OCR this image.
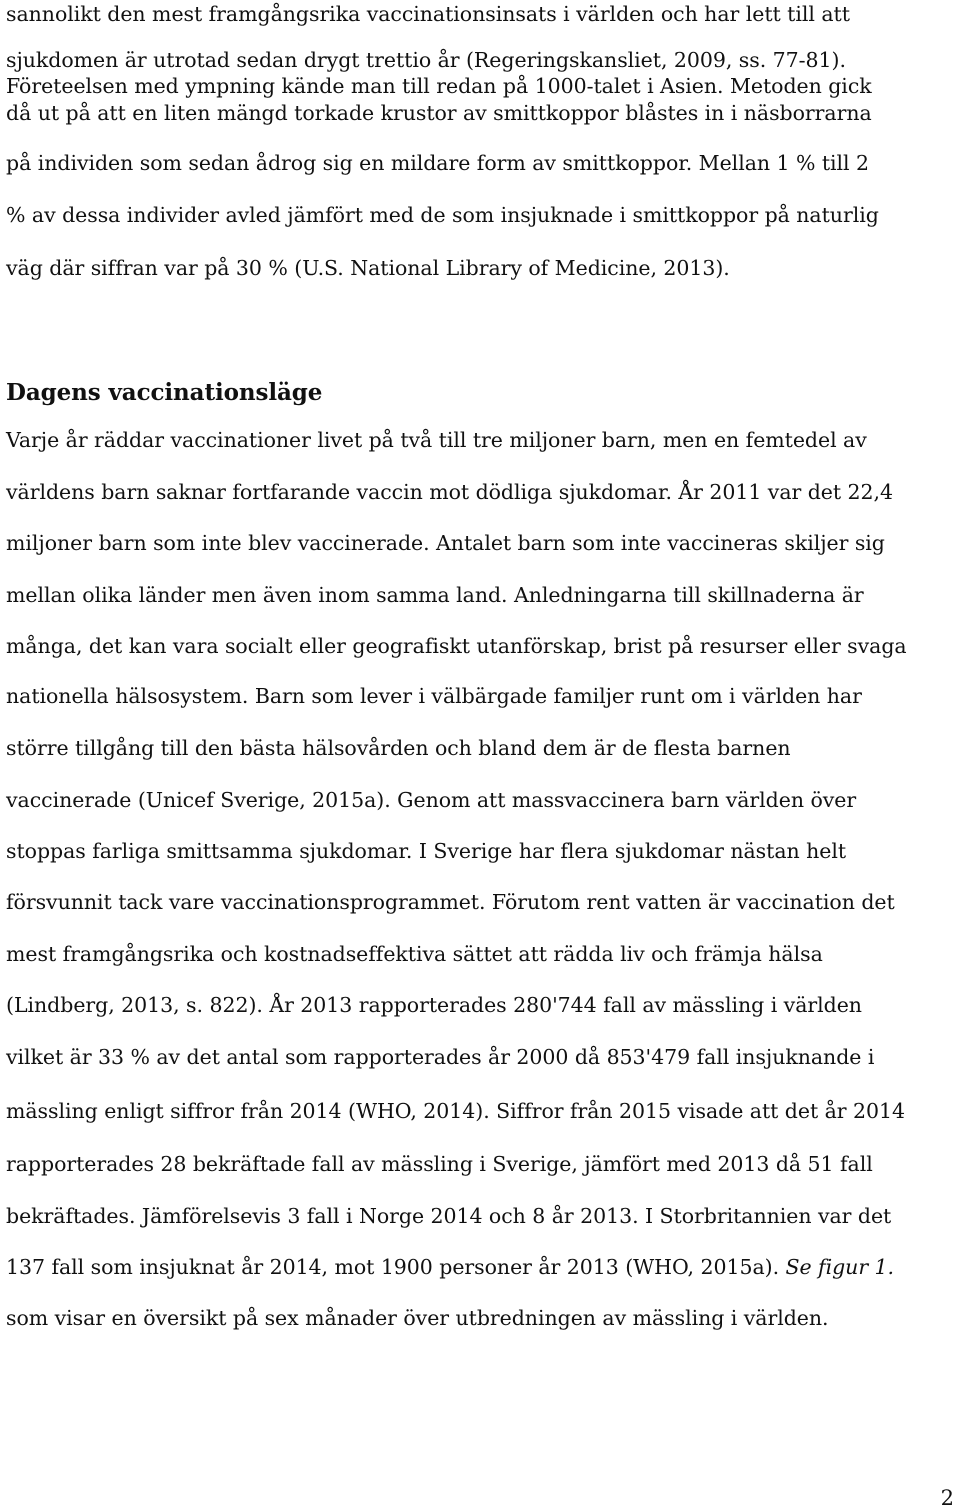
sannolikt den mest framgångsrika vaccinationsinsats i världen och har lett till att
sjukdomen är utrotad sedan drygt trettio år (Regeringskansliet, 2009, ss. 77-81).
Företeelsen med ympning kände man till redan på 1000-talet i Asien. Metoden gick
då ut på att en liten mängd torkade krustor av smittkoppor blåstes in i näsborrarna
på individen som sedan ådrog sig en mildare form av smittkoppor. Mellan 1 % till 2
% av dessa individer avled jämfört med de som insjuknade i smittkoppor på naturlig
väg där siffran var på 30 % (U.S. National Library of Medicine, 2013).
Dagens vaccinationsläge
Varje år räddar vaccinationer livet på två till tre miljoner barn, men en femtedel av
världens barn saknar fortfarande vaccin mot dödliga sjukdomar. År 2011 var det 22,4
miljoner barn som inte blev vaccinerade. Antalet barn som inte vaccineras skiljer sig
mellan olika länder men även inom samma land. Anledningarna till skillnaderna är
många, det kan vara socialt eller geografiskt utanförskap, brist på resurser eller svaga
nationella hälsosystem. Barn som lever i välbärgade familjer runt om i världen har
större tillgång till den bästa hälsovården och bland dem är de flesta barnen
vaccinerade (Unicef Sverige, 2015a). Genom att massvaccinera barn världen över
stoppas farliga smittsamma sjukdomar. I Sverige har flera sjukdomar nästan helt
försvunnit tack vare vaccinationsprogrammet. Förutom rent vatten är vaccination det
mest framgångsrika och kostnadseffektiva sättet att rädda liv och främja hälsa
(Lindberg, 2013, s. 822). År 2013 rapporterades 280'744 fall av mässling i världen
vilket är 33 % av det antal som rapporterades år 2000 då 853'479 fall insjuknande i
mässling enligt siffror från 2014 (WHO, 2014). Siffror från 2015 visade att det år 2014
rapporterades 28 bekräftade fall av mässling i Sverige, jämfört med 2013 då 51 fall
bekräftades. Jämförelsevis 3 fall i Norge 2014 och 8 år 2013. I Storbritannien var det
137 fall som insjuknat år 2014, mot 1900 personer år 2013 (WHO, 2015a). Se figur 1.
som visar en översikt på sex månader över utbredningen av mässling i världen.
2
